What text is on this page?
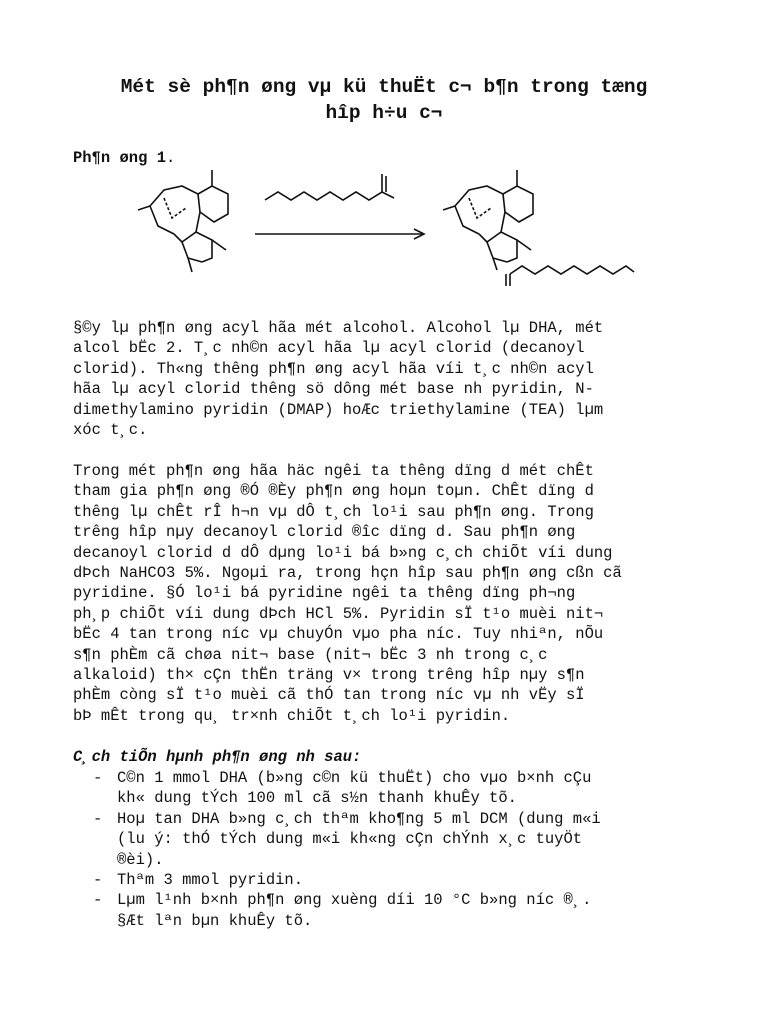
Mét sè ph¶n øng vµ kü thuËt c¬ b¶n trong tæng
hîp h÷u c¬
Ph¶n øng 1.
§©y lµ ph¶n øng acyl hãa mét alcohol. Alcohol lµ DHA, mét
alcol bËc 2. T¸c nh©n acyl hãa lµ acyl clorid (decanoyl
clorid). Th«ng thêng ph¶n øng acyl hãa víi t¸c nh©n acyl
hãa lµ acyl clorid thêng sö dông mét base nh pyridin, N-
dimethylamino pyridin (DMAP) hoÆc triethylamine (TEA) lµm
xóc t¸c.
Trong mét ph¶n øng hãa häc ngêi ta thêng dïng d mét chÊt
tham gia ph¶n øng ®Ó ®Èy ph¶n øng hoµn toµn. ChÊt dïng d
thêng lµ chÊt rÎ h¬n vµ dÔ t¸ch lo¹i sau ph¶n øng. Trong
trêng hîp nµy decanoyl clorid ®îc dïng d. Sau ph¶n øng
decanoyl clorid d dÔ dµng lo¹i bá b»ng c¸ch chiÕt víi dung
dÞch NaHCO3 5%. Ngoµi ra, trong hçn hîp sau ph¶n øng cßn cã
pyridine. §Ó lo¹i bá pyridine ngêi ta thêng dïng ph¬ng
ph¸p chiÕt víi dung dÞch HCl 5%. Pyridin sÏ t¹o muèi nit¬
bËc 4 tan trong níc vµ chuyÓn vµo pha níc. Tuy nhiªn, nÕu
s¶n phÈm cã chøa nit¬ base (nit¬ bËc 3 nh trong c¸c
alkaloid) th× cÇn thËn träng v× trong trêng hîp nµy s¶n
phÈm còng sÏ t¹o muèi cã thÓ tan trong níc vµ nh vËy sÏ
bÞ mÊt trong qu¸ tr×nh chiÕt t¸ch lo¹i pyridin.
C¸ch tiÕn hµnh ph¶n øng nh sau:
- C©n 1 mmol DHA (b»ng c©n kü thuËt) cho vµo b×nh cÇu
kh« dung tÝch 100 ml cã s½n thanh khuÊy tõ.
- Hoµ tan DHA b»ng c¸ch thªm kho¶ng 5 ml DCM (dung m«i
(lu ý: thÓ tÝch dung m«i kh«ng cÇn chÝnh x¸c tuyÖt
®èi).
- Thªm 3 mmol pyridin.
- Lµm l¹nh b×nh ph¶n øng xuèng díi 10 °C b»ng níc ®¸.
§Æt lªn bµn khuÊy tõ.
